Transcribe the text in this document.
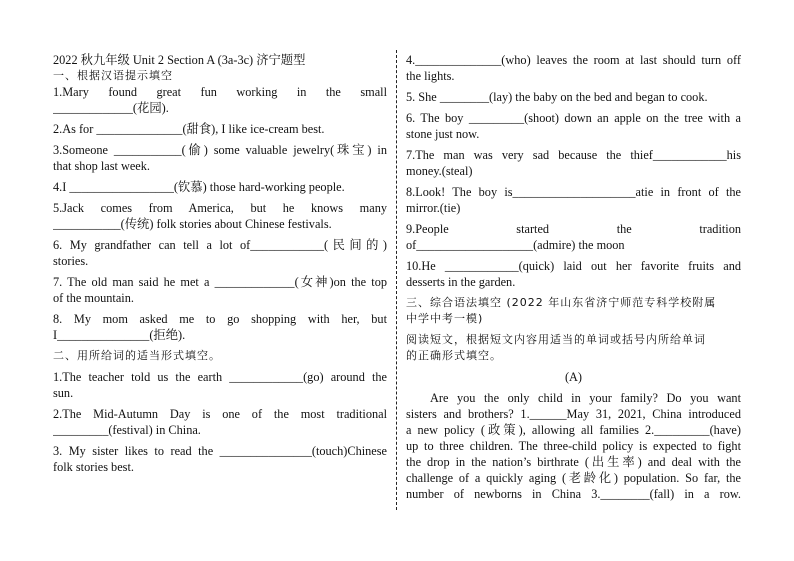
2022 秋九年级 Unit 2 Section A (3a-3c) 济宁题型
一、根据汉语提示填空
1.Mary found great fun working in the small
_____________(花园).
2.As for ______________(甜食), I like ice-cream best.
3.Someone ___________(偷) some valuable jewelry(珠宝) in
that shop last week.
4.I _________________(钦慕) those hard-working people.
5.Jack comes from America, but he knows many
___________(传统) folk stories about Chinese festivals.
6. My grandfather can tell a lot of____________(民间的)
stories.
7. The old man said he met a _____________(女神)on the top
of the mountain.
8. My mom asked me to go shopping with her, but
I_______________(拒绝).
二、用所给词的适当形式填空。
1.The teacher told us the earth ____________(go) around the
sun.
2.The Mid-Autumn Day is one of the most traditional
_________(festival) in China.
3. My sister likes to read the _______________(touch)Chinese
folk stories best.
4.______________(who) leaves the room at last should turn off
the lights.
5. She ________(lay) the baby on the bed and began to cook.
6. The boy _________(shoot) down an apple on the tree with a
stone just now.
7.The man was very sad because the thief____________his
money.(steal)
8.Look! The boy is____________________atie in front of the
mirror.(tie)
9.People started the tradition
of___________________(admire) the moon
10.He ____________(quick) laid out her favorite fruits and
desserts in the garden.
三、综合语法填空 (2022 年山东省济宁师范专科学校附属
中学中考一模)
阅读短文，根据短文内容用适当的单词或括号内所给单词
的正确形式填空。
(A)
Are you the only child in your family? Do you want
sisters and brothers? 1.______May 31, 2021, China introduced
a new policy (政策), allowing all families 2._________(have)
up to three children. The three-child policy is expected to fight
the drop in the nation’s birthrate (出生率) and deal with the
challenge of a quickly aging (老龄化) population. So far, the
number of newborns in China 3.________(fall) in a row.
